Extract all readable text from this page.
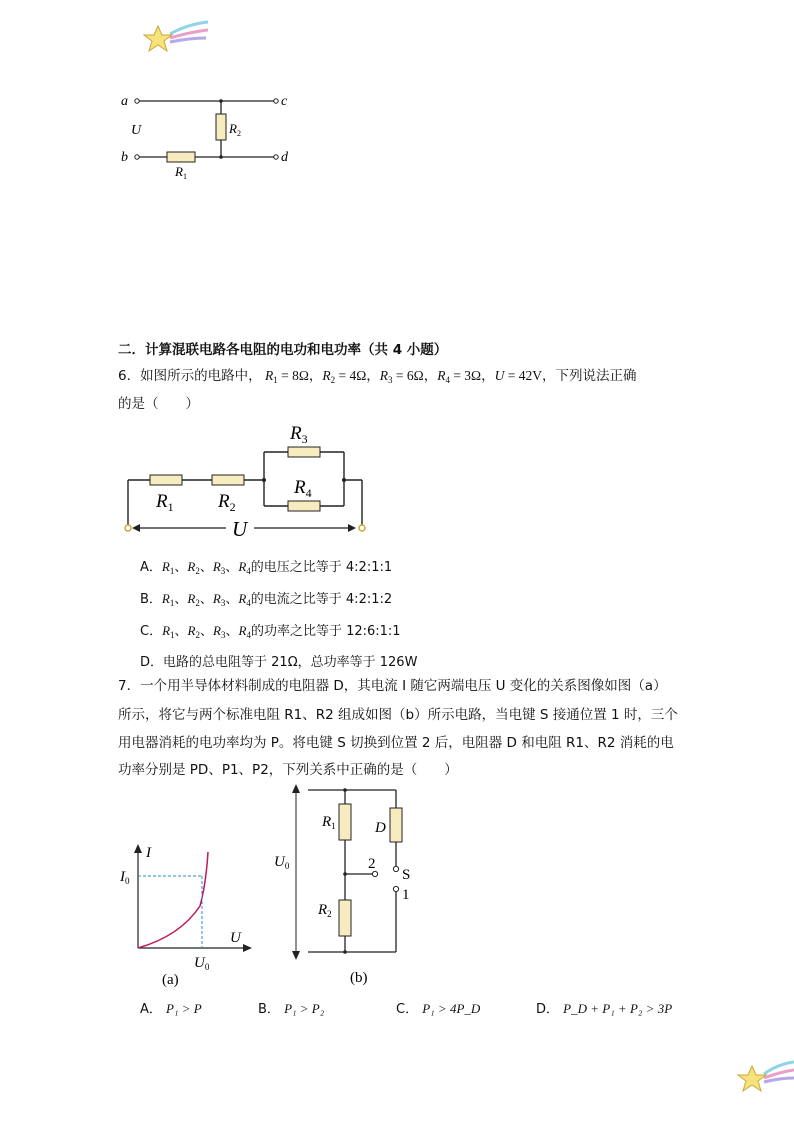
a
b
c
d
U	$R_2$
$R_1$
二．计算混联电路各电阻的电功和电功率（共 4 小题）
6．如图所示的电路中， $R_1 = 8\Omega$，$R_2 = 4\Omega$，$R_3 = 6\Omega$，$R_4 = 3\Omega$，U = 42V，下列说法正确
的是（　　）
U
$R_1$ $R_2$
$R_3$
$R_4$
A．$R_1$、$R_2$、$R_3$、$R_4$的电压之比等于 4:2:1:1
B．$R_1$、$R_2$、$R_3$、$R_4$的电流之比等于 4:2:1:2
C．$R_1$、$R_2$、$R_3$、$R_4$的功率之比等于 12:6:1:1
D．电路的总电阻等于 21Ω，总功率等于 126W
7．一个用半导体材料制成的电阻器 D，其电流 I 随它两端电压 U 变化的关系图像如图（a）
所示，将它与两个标准电阻 R1、R2 组成如图（b）所示电路，当电键 S 接通位置 1 时，三个
用电器消耗的电功率均为 P。将电键 S 切换到位置 2 后，电阻器 D 和电阻 R1、R2 消耗的电
功率分别是 PD、P1、P2，下列关系中正确的是（　　）
I
U
$I_0$
$U_0$
(a)
$U_0$
$R_1$
$R_2$
D
2
S
1
(b)
A． P₁ > P	B． P₁ > P₂	C． P₁ > 4P_D	D． P_D + P₁ + P₂ > 3P
